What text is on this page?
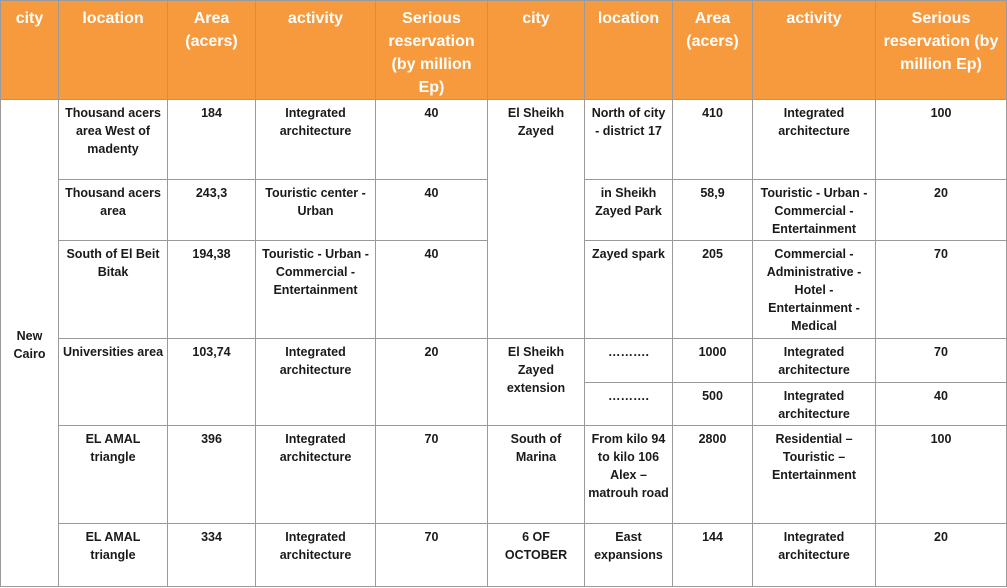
city	location	Area (acers)	activity	Serious reservation (by million Ep)	city	location	Area (acers)	activity	Serious reservation (by million Ep)
New Cairo	Thousand acers area West of madenty	184	Integrated architecture	40	El Sheikh Zayed	North of city - district 17	410	Integrated architecture	100
	Thousand acers area	243,3	Touristic center - Urban	40		in Sheikh Zayed Park	58,9	Touristic - Urban - Commercial - Entertainment	20
	South of El Beit Bitak	194,38	Touristic - Urban - Commercial - Entertainment	40		Zayed spark	205	Commercial - Administrative - Hotel - Entertainment - Medical	70
	Universities area	103,74	Integrated architecture	20	El Sheikh Zayed extension	……….	1000	Integrated architecture	70
						……….	500	Integrated architecture	40
	EL AMAL triangle	396	Integrated architecture	70	South of Marina	From kilo 94 to kilo 106 Alex – matrouh road	2800	Residential – Touristic – Entertainment	100
	EL AMAL triangle	334	Integrated architecture	70	6 OF OCTOBER	East expansions	144	Integrated architecture	20
